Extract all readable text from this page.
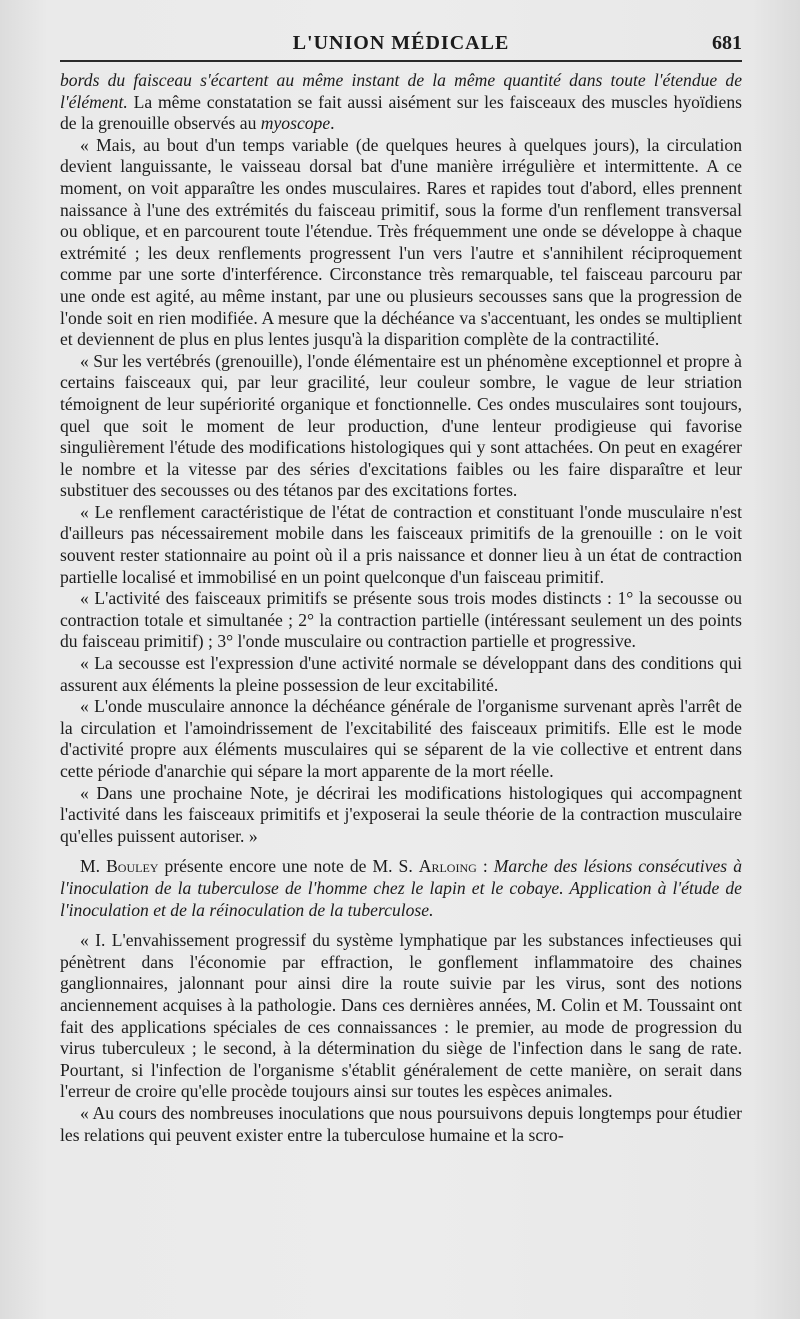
L'UNION MÉDICALE	681

bords du faisceau s'écartent au même instant de la même quantité dans toute l'étendue de l'élément. La même constatation se fait aussi aisément sur les faisceaux des muscles hyoïdiens de la grenouille observés au myoscope.

« Mais, au bout d'un temps variable (de quelques heures à quelques jours), la circulation devient languissante, le vaisseau dorsal bat d'une manière irrégulière et intermittente. A ce moment, on voit apparaître les ondes musculaires. Rares et rapides tout d'abord, elles prennent naissance à l'une des extrémités du faisceau primitif, sous la forme d'un renflement transversal ou oblique, et en parcourent toute l'étendue. Très fréquemment une onde se développe à chaque extrémité ; les deux renflements progressent l'un vers l'autre et s'annihilent réciproquement comme par une sorte d'interférence. Circonstance très remarquable, tel faisceau parcouru par une onde est agité, au même instant, par une ou plusieurs secousses sans que la progression de l'onde soit en rien modifiée. A mesure que la déchéance va s'accentuant, les ondes se multiplient et deviennent de plus en plus lentes jusqu'à la disparition complète de la contractilité.

« Sur les vertébrés (grenouille), l'onde élémentaire est un phénomène exceptionnel et propre à certains faisceaux qui, par leur gracilité, leur couleur sombre, le vague de leur striation témoignent de leur supériorité organique et fonctionnelle. Ces ondes musculaires sont toujours, quel que soit le moment de leur production, d'une lenteur prodigieuse qui favorise singulièrement l'étude des modifications histologiques qui y sont attachées. On peut en exagérer le nombre et la vitesse par des séries d'excitations faibles ou les faire disparaître et leur substituer des secousses ou des tétanos par des excitations fortes.

« Le renflement caractéristique de l'état de contraction et constituant l'onde musculaire n'est d'ailleurs pas nécessairement mobile dans les faisceaux primitifs de la grenouille : on le voit souvent rester stationnaire au point où il a pris naissance et donner lieu à un état de contraction partielle localisé et immobilisé en un point quelconque d'un faisceau primitif.

« L'activité des faisceaux primitifs se présente sous trois modes distincts : 1° la secousse ou contraction totale et simultanée ; 2° la contraction partielle (intéressant seulement un des points du faisceau primitif) ; 3° l'onde musculaire ou contraction partielle et progressive.

« La secousse est l'expression d'une activité normale se développant dans des conditions qui assurent aux éléments la pleine possession de leur excitabilité.

« L'onde musculaire annonce la déchéance générale de l'organisme survenant après l'arrêt de la circulation et l'amoindrissement de l'excitabilité des faisceaux primitifs. Elle est le mode d'activité propre aux éléments musculaires qui se séparent de la vie collective et entrent dans cette période d'anarchie qui sépare la mort apparente de la mort réelle.

« Dans une prochaine Note, je décrirai les modifications histologiques qui accompagnent l'activité dans les faisceaux primitifs et j'exposerai la seule théorie de la contraction musculaire qu'elles puissent autoriser. »

M. Bouley présente encore une note de M. S. Arloing : Marche des lésions consécutives à l'inoculation de la tuberculose de l'homme chez le lapin et le cobaye. Application à l'étude de l'inoculation et de la réinoculation de la tuberculose.

« I. L'envahissement progressif du système lymphatique par les substances infectieuses qui pénètrent dans l'économie par effraction, le gonflement inflammatoire des chaines ganglionnaires, jalonnant pour ainsi dire la route suivie par les virus, sont des notions anciennement acquises à la pathologie. Dans ces dernières années, M. Colin et M. Toussaint ont fait des applications spéciales de ces connaissances : le premier, au mode de progression du virus tuberculeux ; le second, à la détermination du siège de l'infection dans le sang de rate. Pourtant, si l'infection de l'organisme s'établit généralement de cette manière, on serait dans l'erreur de croire qu'elle procède toujours ainsi sur toutes les espèces animales.

« Au cours des nombreuses inoculations que nous poursuivons depuis longtemps pour étudier les relations qui peuvent exister entre la tuberculose humaine et la scro-
